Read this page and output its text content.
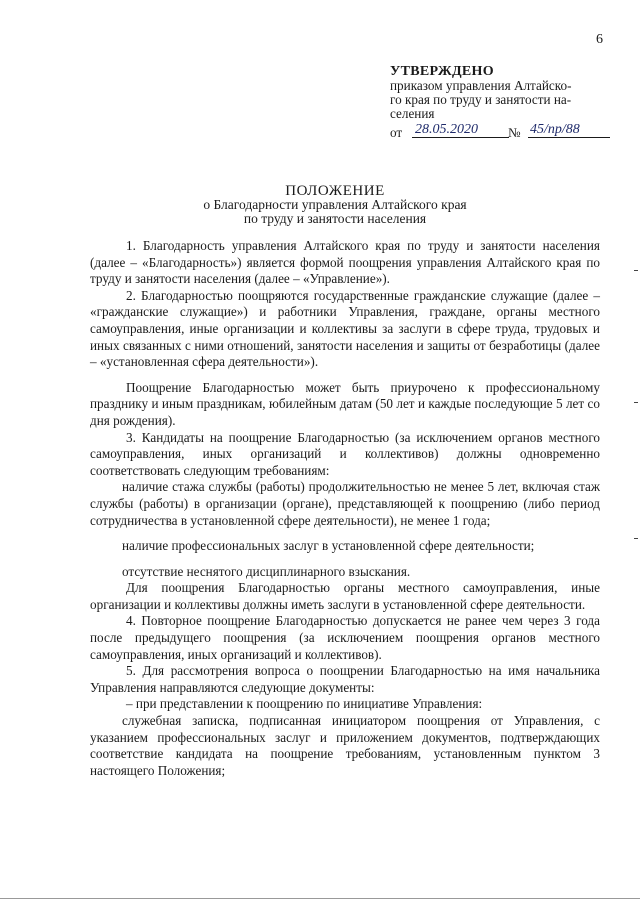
6
УТВЕРЖДЕНО
приказом управления Алтайско-
го края по труду и занятости на-
селения
от 28.05.2020	№ 45/пр/88
ПОЛОЖЕНИЕ
о Благодарности управления Алтайского края
по труду и занятости населения

1. Благодарность управления Алтайского края по труду и занятости населения (далее – «Благодарность») является формой поощрения управления Алтайского края по труду и занятости населения (далее – «Управление»).

2. Благодарностью поощряются государственные гражданские служащие (далее – «гражданские служащие») и работники Управления, граждане, органы местного самоуправления, иные организации и коллективы за заслуги в сфере труда, трудовых и иных связанных с ними отношений, занятости населения и защиты от безработицы (далее – «установленная сфера деятельности»).

Поощрение Благодарностью может быть приурочено к профессиональному празднику и иным праздникам, юбилейным датам (50 лет и каждые последующие 5 лет со дня рождения).

3. Кандидаты на поощрение Благодарностью (за исключением органов местного самоуправления, иных организаций и коллективов) должны одновременно соответствовать следующим требованиям:

наличие стажа службы (работы) продолжительностью не менее 5 лет, включая стаж службы (работы) в организации (органе), представляющей к поощрению (либо период сотрудничества в установленной сфере деятельности), не менее 1 года;

наличие профессиональных заслуг в установленной сфере деятельности;

отсутствие неснятого дисциплинарного взыскания.

Для поощрения Благодарностью органы местного самоуправления, иные организации и коллективы должны иметь заслуги в установленной сфере деятельности.

4. Повторное поощрение Благодарностью допускается не ранее чем через 3 года после предыдущего поощрения (за исключением поощрения органов местного самоуправления, иных организаций и коллективов).

5. Для рассмотрения вопроса о поощрении Благодарностью на имя начальника Управления направляются следующие документы:

– при представлении к поощрению по инициативе Управления:

служебная записка, подписанная инициатором поощрения от Управления, с указанием профессиональных заслуг и приложением документов, подтверждающих соответствие кандидата на поощрение требованиям, установленным пунктом 3 настоящего Положения;
